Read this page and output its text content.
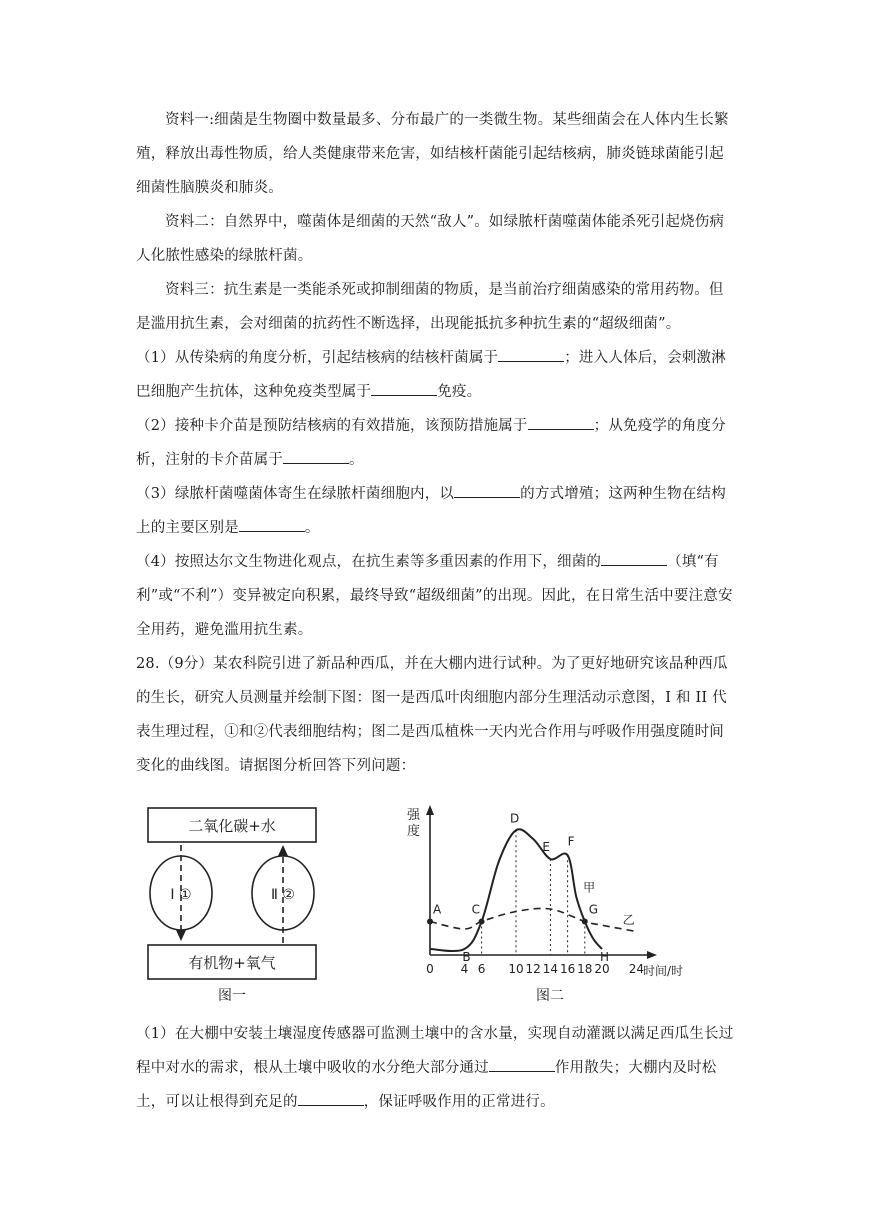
资料一:细菌是生物圈中数量最多、分布最广的一类微生物。某些细菌会在人体内生长繁殖，释放出毒性物质，给人类健康带来危害，如结核杆菌能引起结核病，肺炎链球菌能引起细菌性脑膜炎和肺炎。
资料二：自然界中，噬菌体是细菌的天然“敌人”。如绿脓杆菌噬菌体能杀死引起烧伤病人化脓性感染的绿脓杆菌。
资料三：抗生素是一类能杀死或抑制细菌的物质，是当前治疗细菌感染的常用药物。但是滥用抗生素，会对细菌的抗药性不断选择，出现能抵抗多种抗生素的“超级细菌”。
（1）从传染病的角度分析，引起结核病的结核杆菌属于	；进入人体后，会刺激淋巴细胞产生抗体，这种免疫类型属于	免疫。
（2）接种卡介苗是预防结核病的有效措施，该预防措施属于	；从免疫学的角度分析，注射的卡介苗属于	。
（3）绿脓杆菌噬菌体寄生在绿脓杆菌细胞内，以	的方式增殖；这两种生物在结构上的主要区别是	。
（4）按照达尔文生物进化观点，在抗生素等多重因素的作用下，细菌的	（填“有利”或“不利”）变异被定向积累，最终导致“超级细菌”的出现。因此，在日常生活中要注意安全用药，避免滥用抗生素。
28.（9分）某农科院引进了新品种西瓜，并在大棚内进行试种。为了更好地研究该品种西瓜的生长，研究人员测量并绘制下图：图一是西瓜叶肉细胞内部分生理活动示意图，I 和 II 代表生理过程，①和②代表细胞结构；图二是西瓜植株一天内光合作用与呼吸作用强度随时间变化的曲线图。请据图分析回答下列问题：
二氧化碳+水
有机物+氧气
I ①	Ⅱ ②
图一
强 度
时间/时
0 4 6 10 12 14 16 18 20 24
A
B
C
D
E F
G
H
甲
乙
图二
（1）在大棚中安装土壤湿度传感器可监测土壤中的含水量，实现自动灌溉以满足西瓜生长过程中对水的需求，根从土壤中吸收的水分绝大部分通过	作用散失；大棚内及时松土，可以让根得到充足的	，保证呼吸作用的正常进行。
